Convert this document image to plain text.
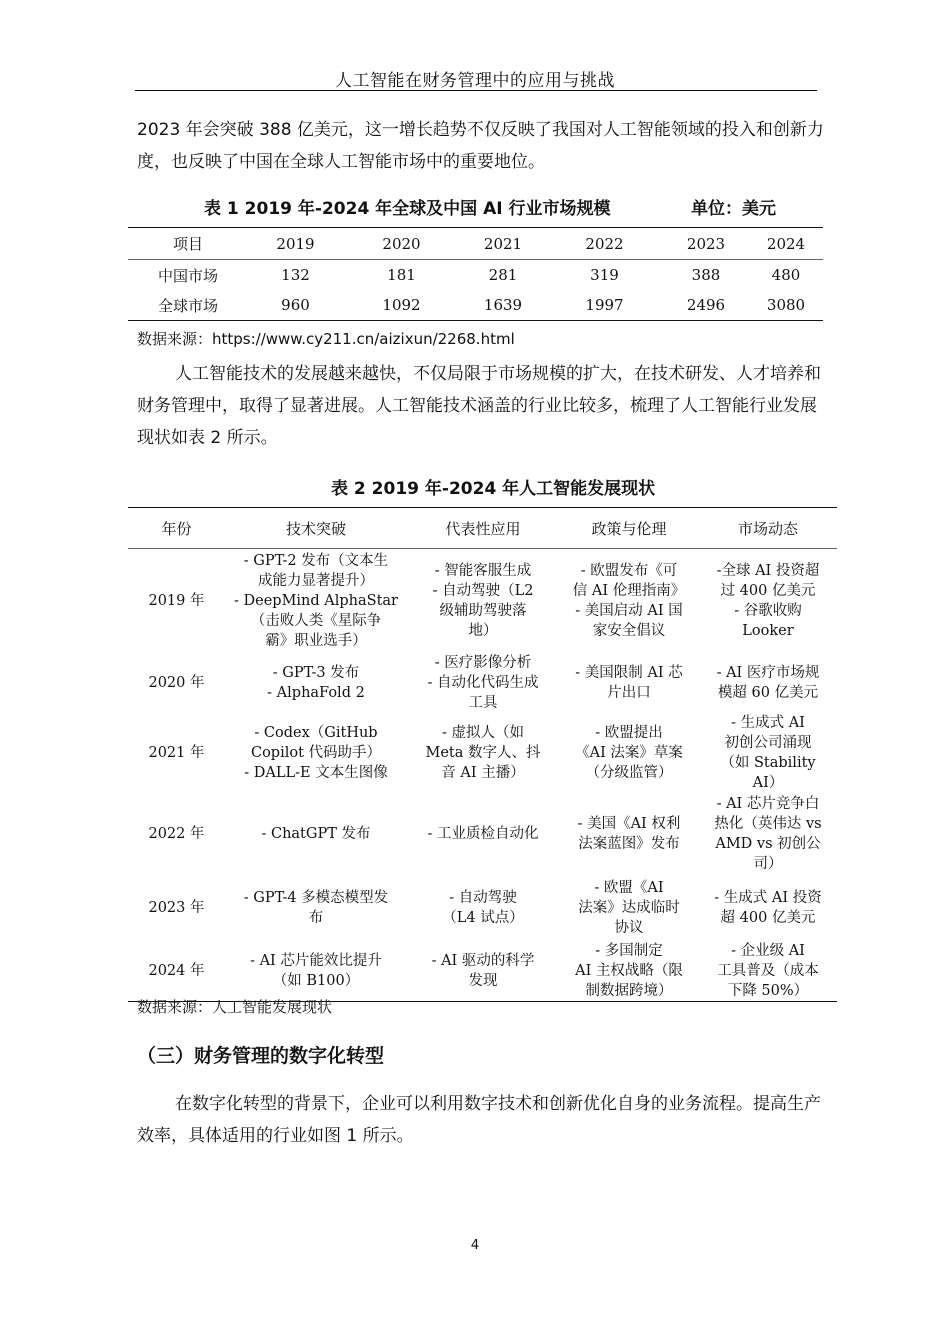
人工智能在财务管理中的应用与挑战
2023 年会突破 388 亿美元，这一增长趋势不仅反映了我国对人工智能领域的投入和创新力度，也反映了中国在全球人工智能市场中的重要地位。
表 1 2019 年-2024 年全球及中国 AI 行业市场规模	单位：美元
项目	2019	2020	2021	2022	2023	2024
中国市场	132	181	281	319	388	480
全球市场	960	1092	1639	1997	2496	3080
数据来源：https://www.cy211.cn/aizixun/2268.html
人工智能技术的发展越来越快，不仅局限于市场规模的扩大，在技术研发、人才培养和财务管理中，取得了显著进展。人工智能技术涵盖的行业比较多，梳理了人工智能行业发展现状如表 2 所示。
表 2 2019 年-2024 年人工智能发展现状
年份	技术突破	代表性应用	政策与伦理	市场动态

2019 年	- GPT-2 发布（文本生
成能力显著提升）
- DeepMind AlphaStar
（击败人类《星际争
霸》职业选手）	- 智能客服生成
- 自动驾驶（L2
级辅助驾驶落
地）	- 欧盟发布《可
信 AI 伦理指南》
- 美国启动 AI 国
家安全倡议	-全球 AI 投资超
过 400 亿美元
- 谷歌收购
Looker

2020 年	- GPT-3 发布
- AlphaFold 2	- 医疗影像分析
- 自动化代码生成
工具	- 美国限制 AI 芯
片出口	- AI 医疗市场规
模超 60 亿美元

2021 年	- Codex（GitHub
Copilot 代码助手）
- DALL-E 文本生图像	- 虚拟人（如
Meta 数字人、抖
音 AI 主播）	- 欧盟提出
《AI 法案》草案
（分级监管）	- 生成式 AI
初创公司涌现
（如 Stability
AI）

2022 年	- ChatGPT 发布	- 工业质检自动化	- 美国《AI 权利
法案蓝图》发布	- AI 芯片竞争白
热化（英伟达 vs
AMD vs 初创公
司）

2023 年	- GPT-4 多模态模型发
布	- 自动驾驶
（L4 试点）	- 欧盟《AI
法案》达成临时
协议	- 生成式 AI 投资
超 400 亿美元

2024 年	- AI 芯片能效比提升
（如 B100）	- AI 驱动的科学
发现	- 多国制定
AI 主权战略（限
制数据跨境）	- 企业级 AI
工具普及（成本
下降 50%）
数据来源：人工智能发展现状
（三）财务管理的数字化转型
在数字化转型的背景下，企业可以利用数字技术和创新优化自身的业务流程。提高生产效率，具体适用的行业如图 1 所示。
4
